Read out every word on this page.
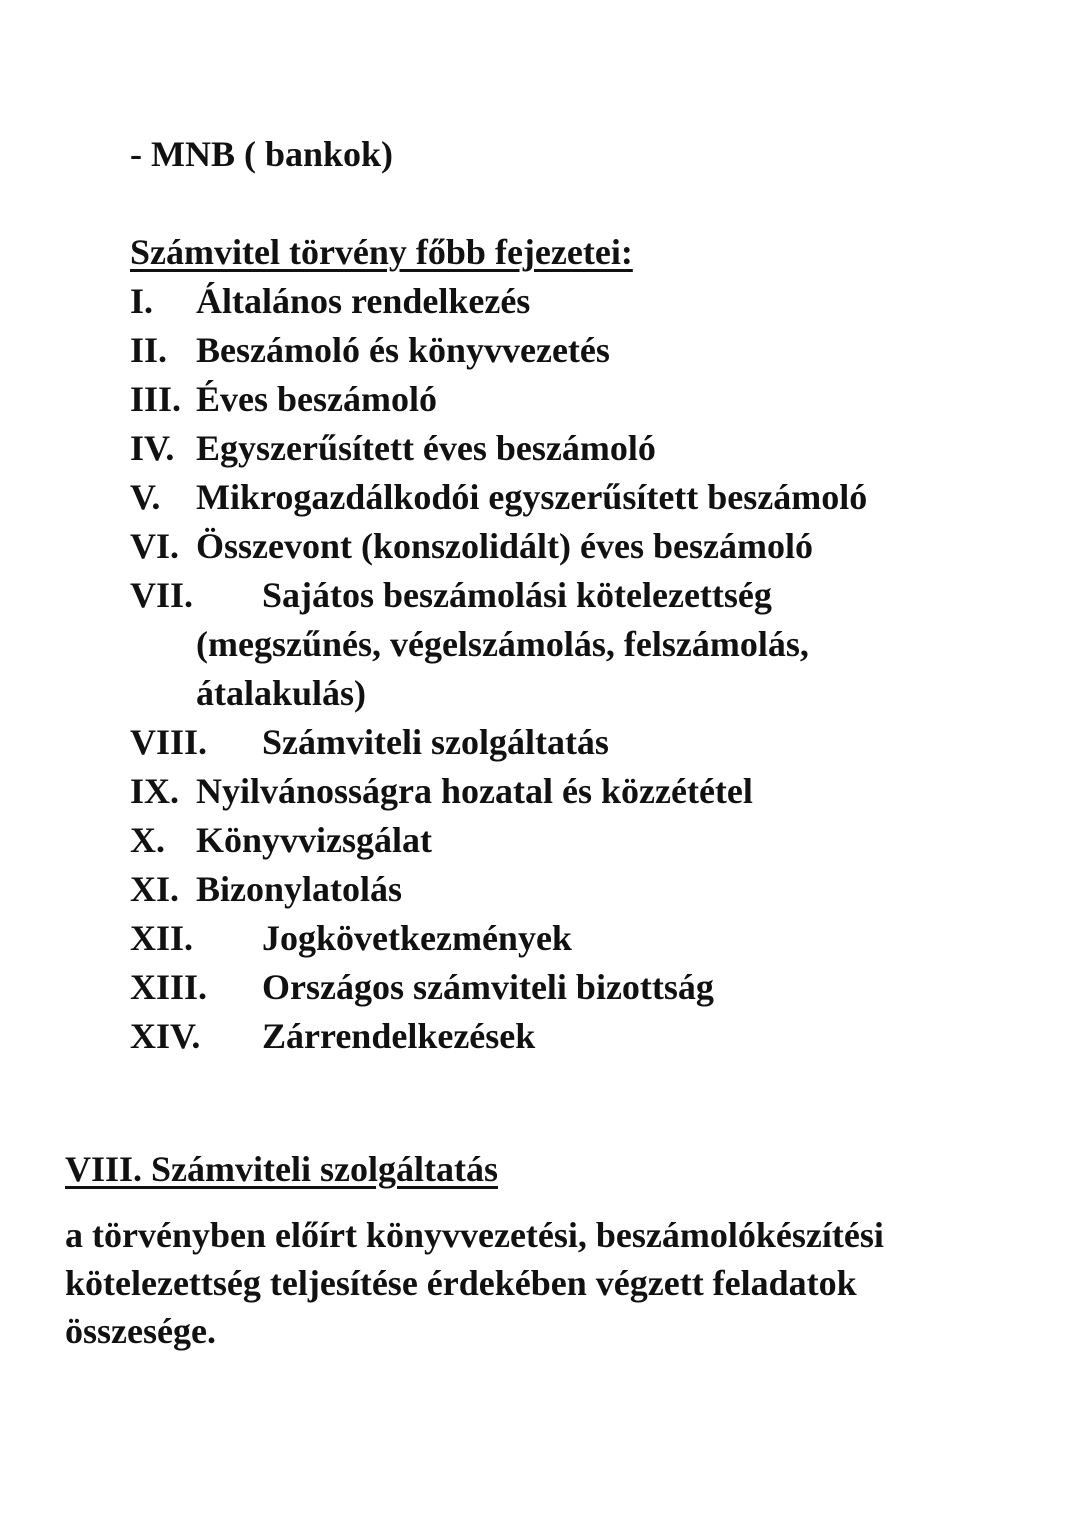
- MNB ( bankok)
Számvitel törvény főbb fejezetei:
I. Általános rendelkezés
II. Beszámoló és könyvvezetés
III. Éves beszámoló
IV. Egyszerűsített éves beszámoló
V. Mikrogazdálkodói egyszerűsített beszámoló
VI. Összevont (konszolidált) éves beszámoló
VII. Sajátos beszámolási kötelezettség
(megszűnés, végelszámolás, felszámolás,
átalakulás)
VIII. Számviteli szolgáltatás
IX. Nyilvánosságra hozatal és közzététel
X. Könyvvizsgálat
XI. Bizonylatolás
XII. Jogkövetkezmények
XIII. Országos számviteli bizottság
XIV. Zárrendelkezések
VIII. Számviteli szolgáltatás
a törvényben előírt könyvvezetési, beszámolókészítési
kötelezettség teljesítése érdekében végzett feladatok
összesége.
